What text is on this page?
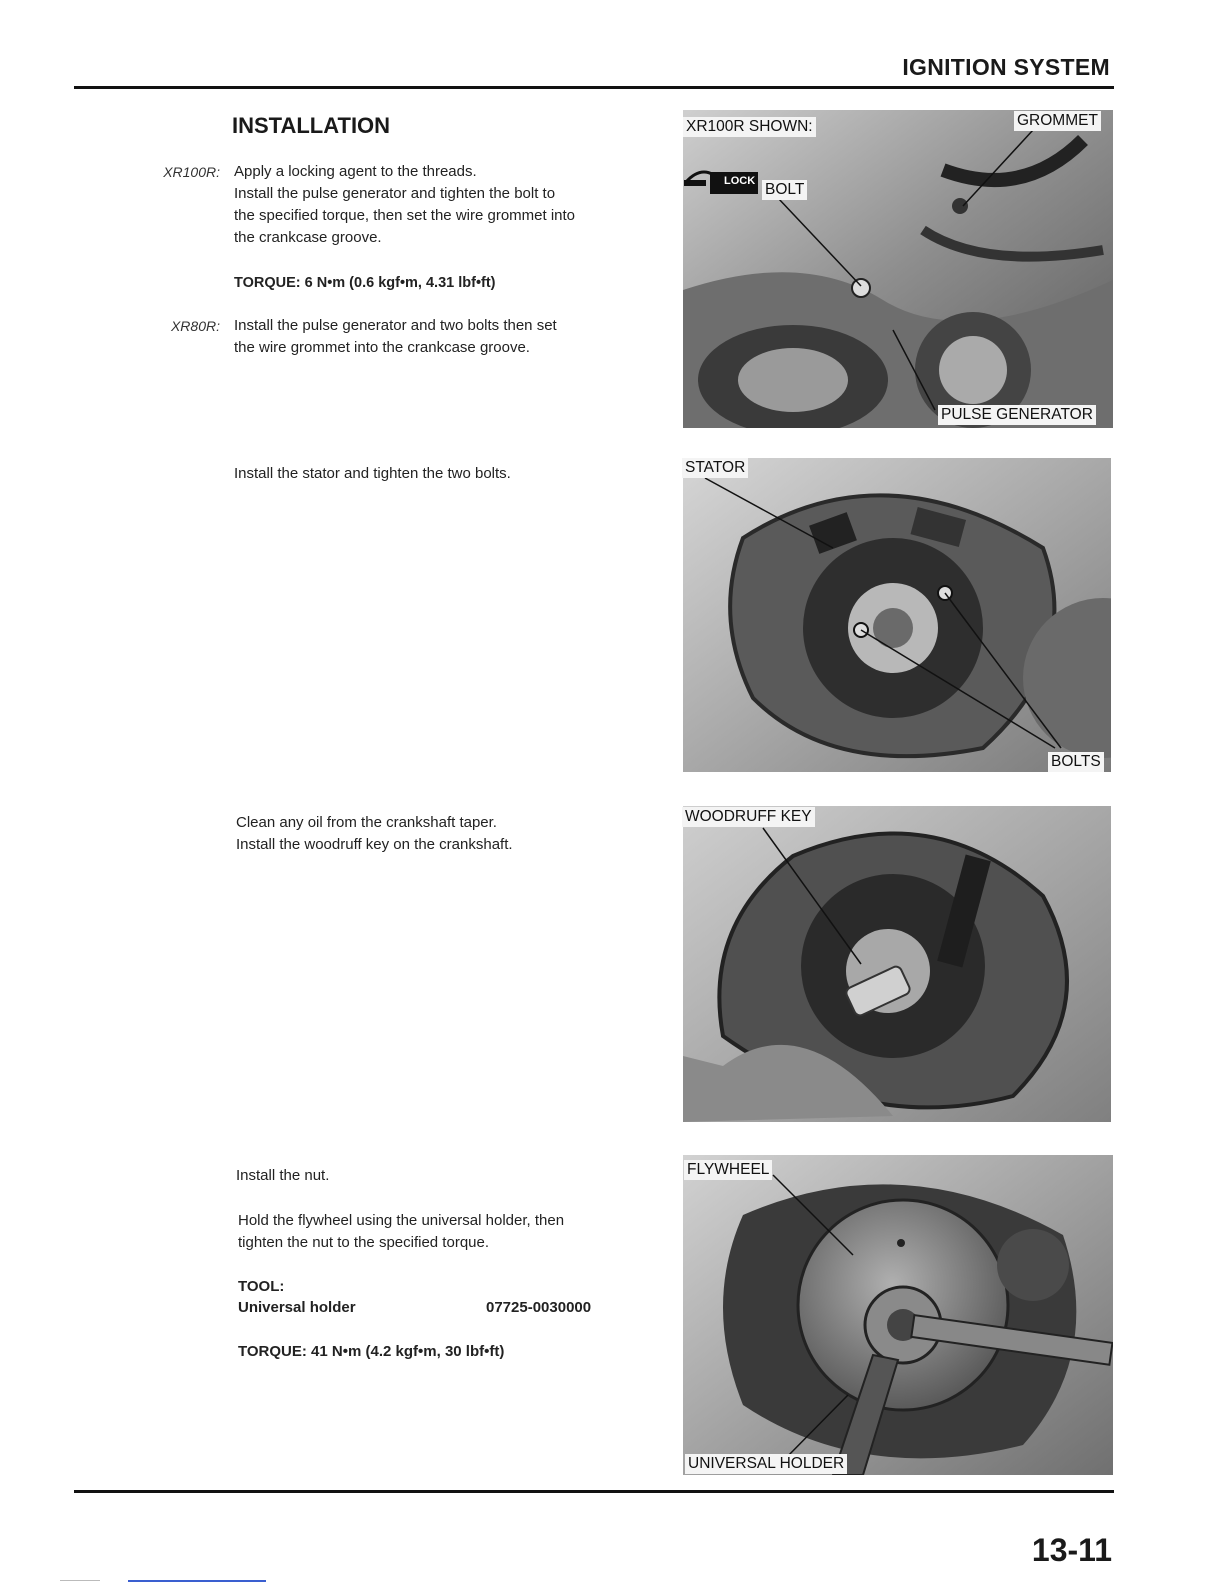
IGNITION SYSTEM
INSTALLATION
XR100R: Apply a locking agent to the threads.
Install the pulse generator and tighten the bolt to
the specified torque, then set the wire grommet into
the crankcase groove.
TORQUE: 6 N•m (0.6 kgf•m, 4.31 lbf•ft)
XR80R: Install the pulse generator and two bolts then set
the wire grommet into the crankcase groove.
Install the stator and tighten the two bolts.
Clean any oil from the crankshaft taper.
Install the woodruff key on the crankshaft.
Install the nut.
Hold the flywheel using the universal holder, then
tighten the nut to the specified torque.
TOOL:
Universal holder	07725-0030000
TORQUE: 41 N•m (4.2 kgf•m, 30 lbf•ft)
XR100R SHOWN:	GROMMET
LOCK BOLT
PULSE GENERATOR
STATOR
BOLTS
WOODRUFF KEY
FLYWHEEL
UNIVERSAL HOLDER
13-11
